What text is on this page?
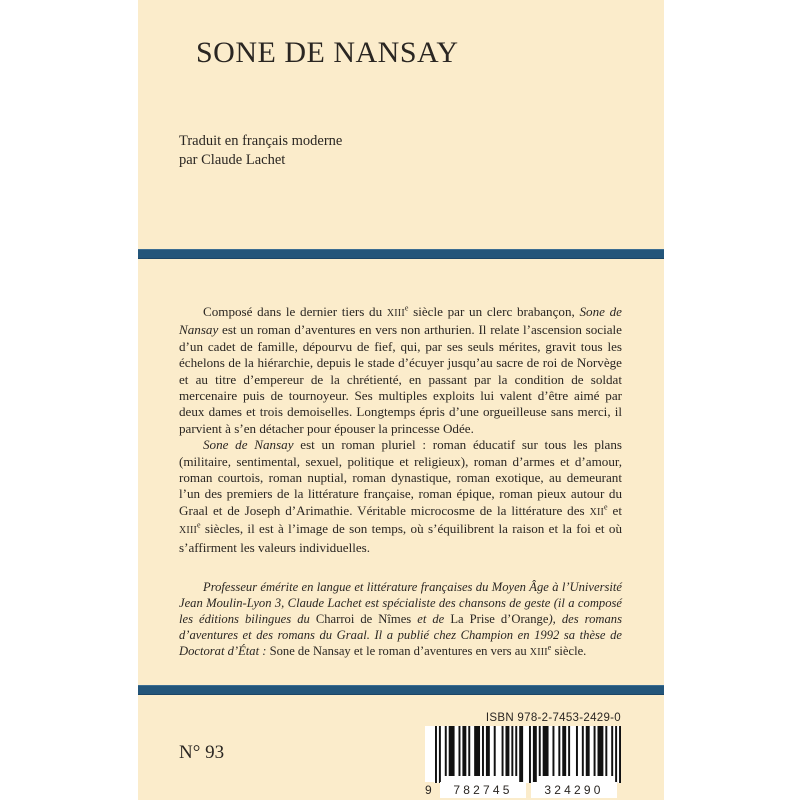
SONE DE NANSAY
Traduit en français moderne
par Claude Lachet

Composé dans le dernier tiers du XIIIe siècle par un clerc brabançon, Sone de Nansay est un roman d’aventures en vers non arthurien. Il relate l’ascension sociale d’un cadet de famille, dépourvu de fief, qui, par ses seuls mérites, gravit tous les échelons de la hiérarchie, depuis le stade d’écuyer jusqu’au sacre de roi de Norvège et au titre d’empereur de la chrétienté, en passant par la condition de soldat mercenaire puis de tournoyeur. Ses multiples exploits lui valent d’être aimé par deux dames et trois demoiselles. Longtemps épris d’une orgueilleuse sans merci, il parvient à s’en détacher pour épouser la princesse Odée.

Sone de Nansay est un roman pluriel : roman éducatif sur tous les plans (militaire, sentimental, sexuel, politique et religieux), roman d’armes et d’amour, roman courtois, roman nuptial, roman dynastique, roman exotique, au demeurant l’un des premiers de la littérature française, roman épique, roman pieux autour du Graal et de Joseph d’Arimathie. Véritable microcosme de la littérature des XIIe et XIIIe siècles, il est à l’image de son temps, où s’équilibrent la raison et la foi et où s’affirment les valeurs individuelles.

Professeur émérite en langue et littérature françaises du Moyen Âge à l’Université Jean Moulin-Lyon 3, Claude Lachet est spécialiste des chansons de geste (il a composé les éditions bilingues du Charroi de Nîmes et de La Prise d’Orange), des romans d’aventures et des romans du Graal. Il a publié chez Champion en 1992 sa thèse de Doctorat d’État : Sone de Nansay et le roman d’aventures en vers au XIIIe siècle.

N° 93
ISBN 978-2-7453-2429-0
9	782745	324290
